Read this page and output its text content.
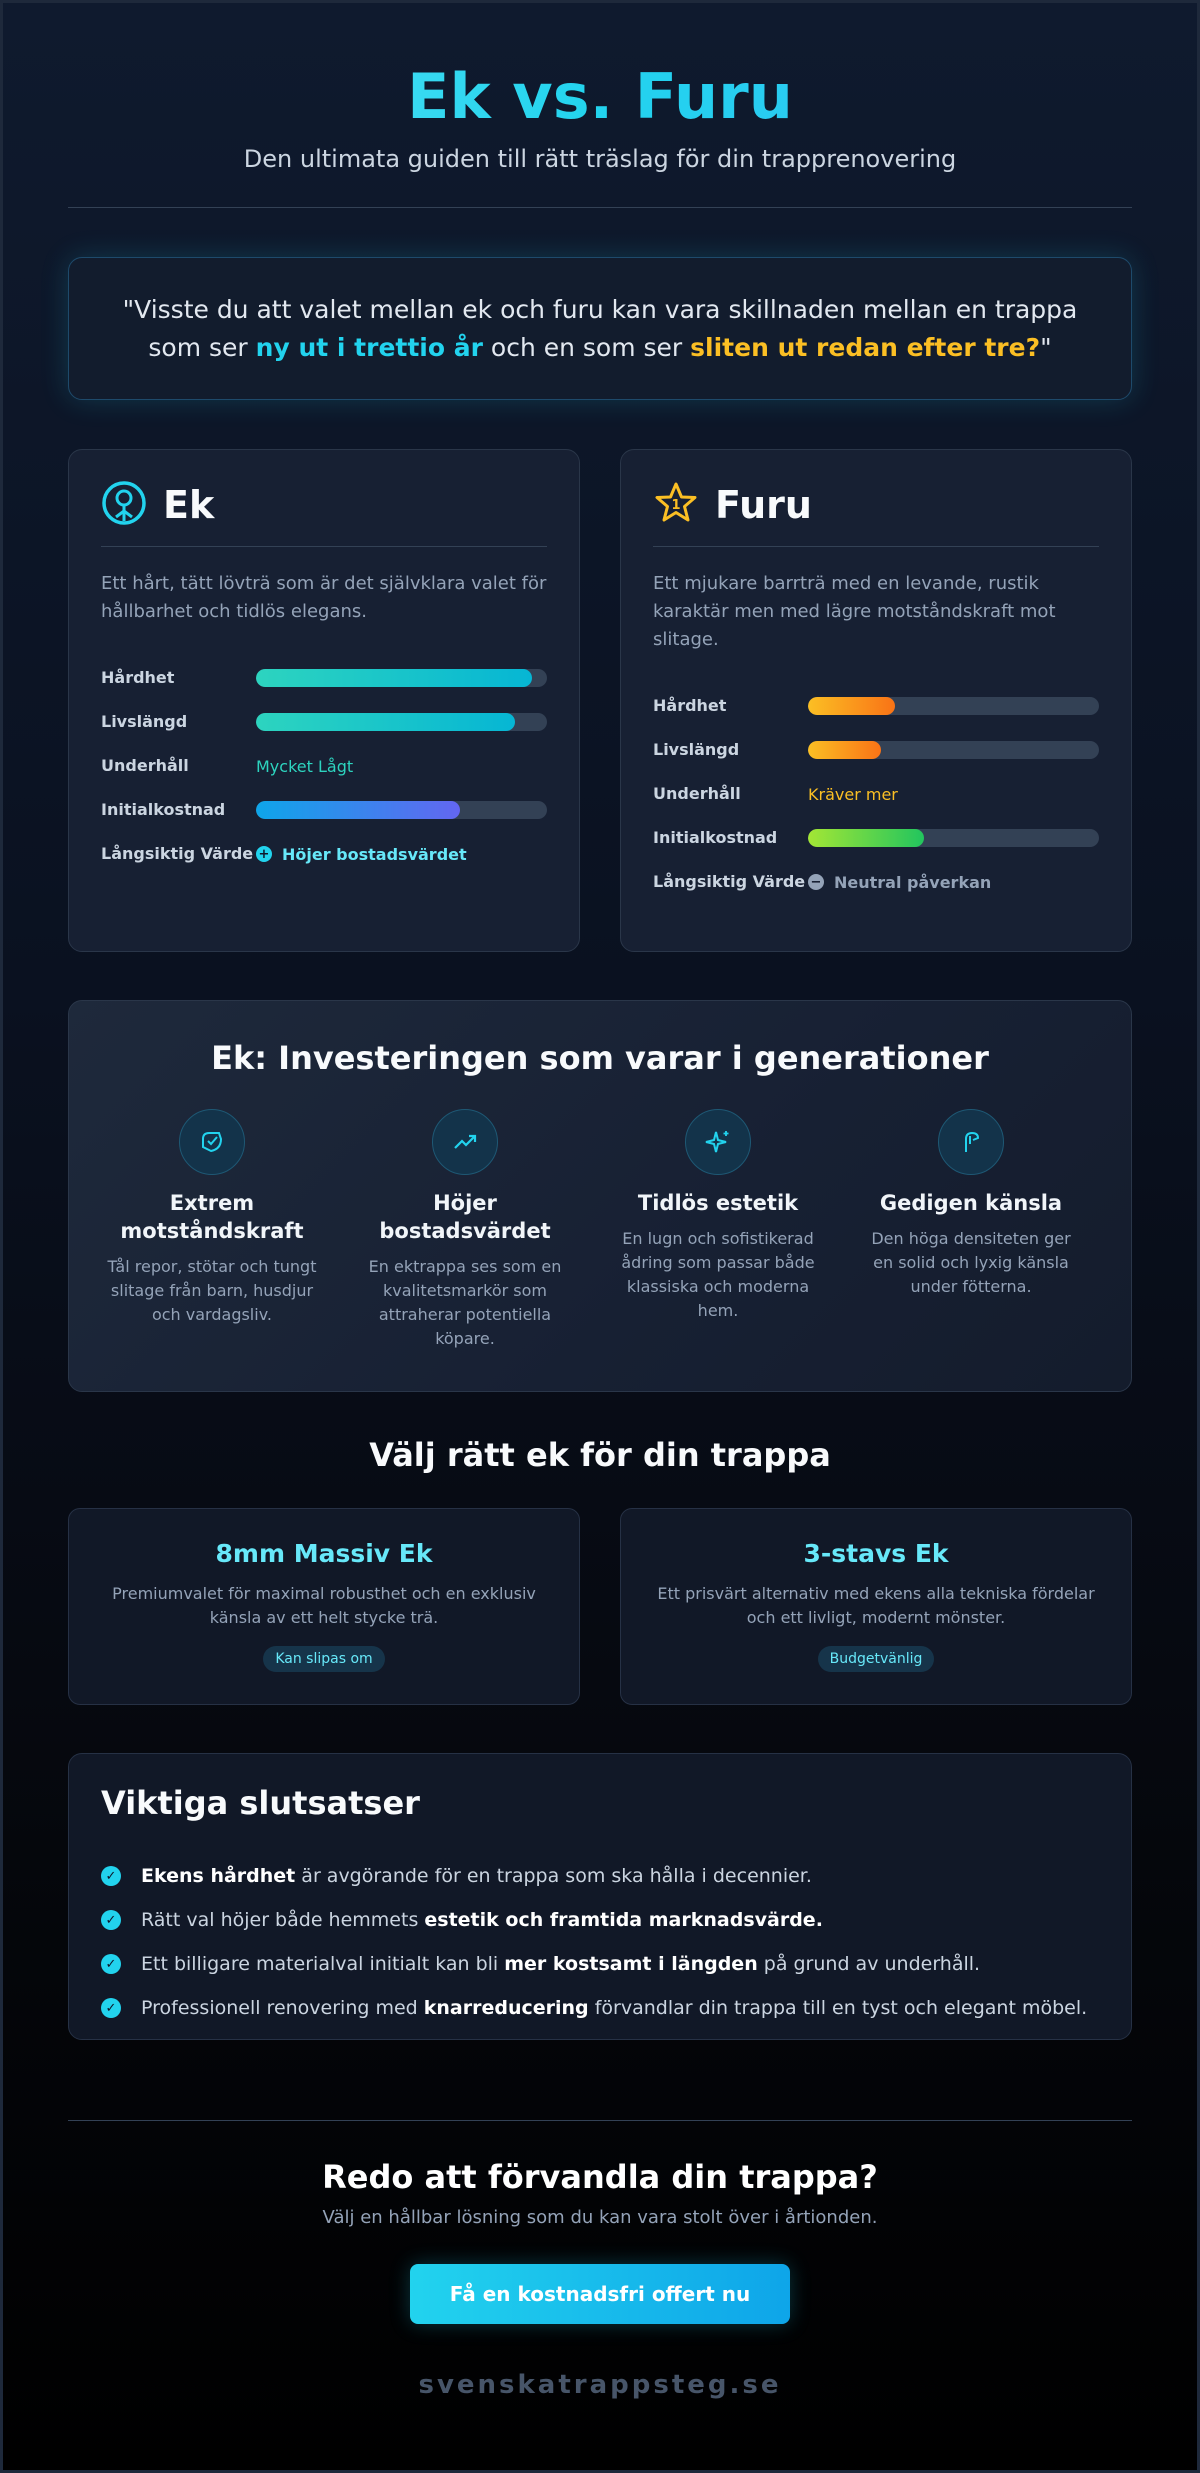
Ek vs. Furu

Den ultimata guiden till rätt träslag för din trapprenovering

"Visste du att valet mellan ek och furu kan vara skillnaden mellan en trappa som ser ny ut i trettio år och en som ser sliten ut redan efter tre?"

Ek

Ett hårt, tätt lövträ som är det självklara valet för hållbarhet och tidlös elegans.

Hårdhet
Livslängd
Underhåll	Mycket Lågt
Initialkostnad
Långsiktig Värde + Höjer bostadsvärdet
1 Furu

Ett mjukare barrträ med en levande, rustik karaktär men med lägre motståndskraft mot slitage.

Hårdhet
Livslängd
Underhåll	Kräver mer
Initialkostnad
Långsiktig Värde − Neutral påverkan
Ek: Investeringen som varar i generationer
Extrem motståndskraft

Tål repor, stötar och tungt slitage från barn, husdjur och vardagsliv.

Höjer bostadsvärdet

En ektrappa ses som en kvalitetsmarkör som attraherar potentiella köpare.

Tidlös estetik

En lugn och sofistikerad ådring som passar både klassiska och moderna hem.

Gedigen känsla

Den höga densiteten ger en solid och lyxig känsla under fötterna.

Välj rätt ek för din trappa
8mm Massiv Ek

Premiumvalet för maximal robusthet och en exklusiv känsla av ett helt stycke trä.

Kan slipas om
3-stavs Ek

Ett prisvärt alternativ med ekens alla tekniska fördelar och ett livligt, modernt mönster.

Budgetvänlig
Viktiga slutsatser
✓ Ekens hårdhet är avgörande för en trappa som ska hålla i decennier.
✓ Rätt val höjer både hemmets estetik och framtida marknadsvärde.
✓ Ett billigare materialval initialt kan bli mer kostsamt i längden på grund av underhåll.
✓ Professionell renovering med knarreducering förvandlar din trappa till en tyst och elegant möbel.
Redo att förvandla din trappa?

Välj en hållbar lösning som du kan vara stolt över i årtionden.

Få en kostnadsfri offert nu
svenskatrappsteg.se
